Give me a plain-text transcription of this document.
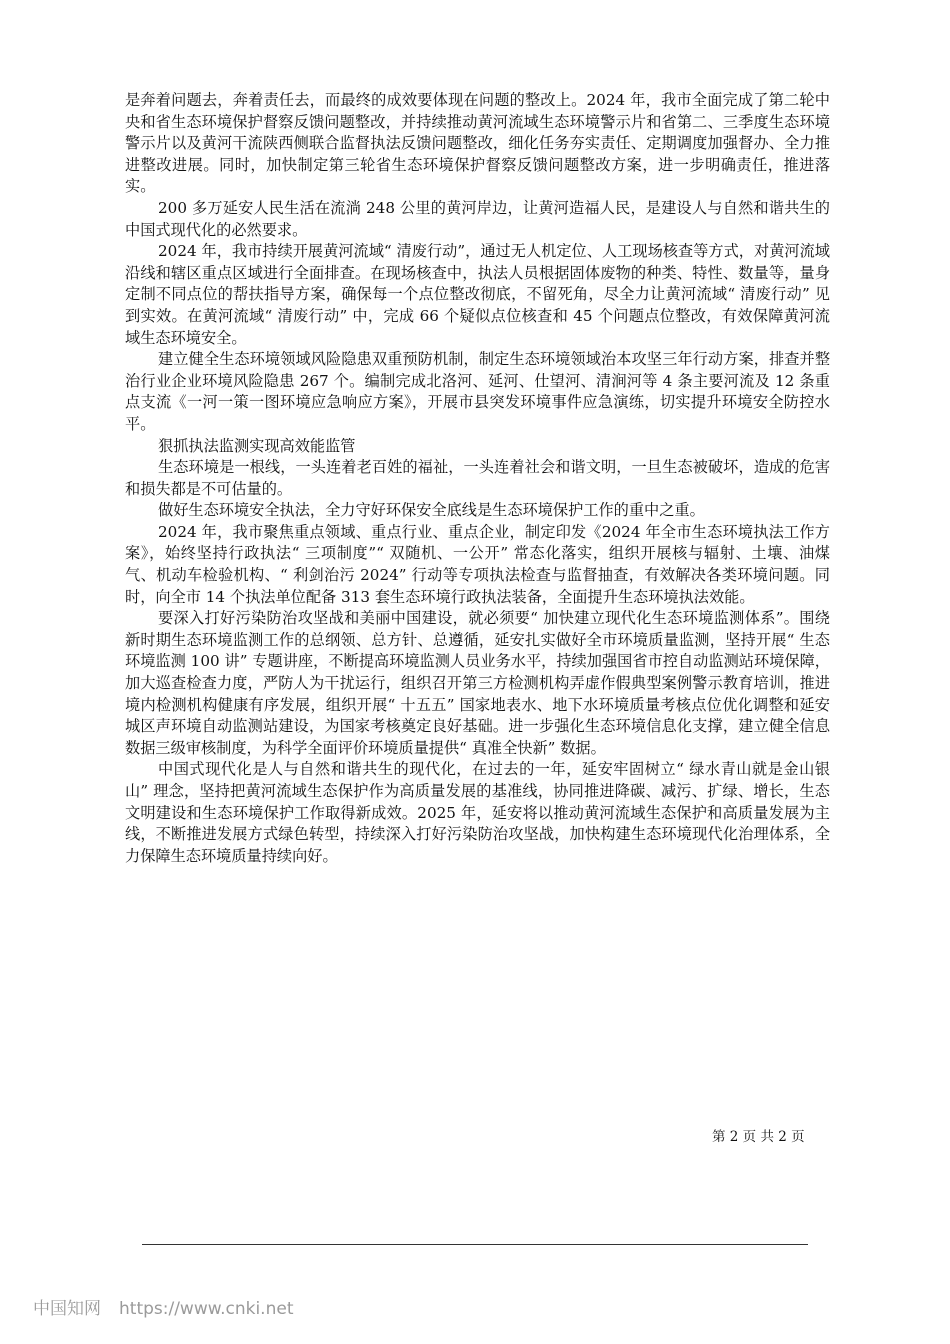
是奔着问题去，奔着责任去，而最终的成效要体现在问题的整改上。2024 年，我市全面完成了第二轮中央和省生态环境保护督察反馈问题整改，并持续推动黄河流域生态环境警示片和省第二、三季度生态环境警示片以及黄河干流陕西侧联合监督执法反馈问题整改，细化任务夯实责任、定期调度加强督办、全力推进整改进展。同时，加快制定第三轮省生态环境保护督察反馈问题整改方案，进一步明确责任，推进落实。

200 多万延安人民生活在流淌 248 公里的黄河岸边，让黄河造福人民，是建设人与自然和谐共生的中国式现代化的必然要求。

2024 年，我市持续开展黄河流域“ 清废行动”，通过无人机定位、人工现场核查等方式，对黄河流域沿线和辖区重点区域进行全面排查。在现场核查中，执法人员根据固体废物的种类、特性、数量等，量身定制不同点位的帮扶指导方案，确保每一个点位整改彻底，不留死角，尽全力让黄河流域“ 清废行动” 见到实效。在黄河流域“ 清废行动” 中，完成 66 个疑似点位核查和 45 个问题点位整改，有效保障黄河流域生态环境安全。

建立健全生态环境领域风险隐患双重预防机制，制定生态环境领域治本攻坚三年行动方案，排查并整治行业企业环境风险隐患 267 个。编制完成北洛河、延河、仕望河、清涧河等 4 条主要河流及 12 条重点支流《一河一策一图环境应急响应方案》，开展市县突发环境事件应急演练，切实提升环境安全防控水平。

狠抓执法监测实现高效能监管

生态环境是一根线，一头连着老百姓的福祉，一头连着社会和谐文明，一旦生态被破坏，造成的危害和损失都是不可估量的。

做好生态环境安全执法，全力守好环保安全底线是生态环境保护工作的重中之重。

2024 年，我市聚焦重点领域、重点行业、重点企业，制定印发《2024 年全市生态环境执法工作方案》，始终坚持行政执法“ 三项制度”“ 双随机、一公开” 常态化落实，组织开展核与辐射、土壤、油煤气、机动车检验机构、“ 利剑治污 2024” 行动等专项执法检查与监督抽查，有效解决各类环境问题。同时，向全市 14 个执法单位配备 313 套生态环境行政执法装备，全面提升生态环境执法效能。

要深入打好污染防治攻坚战和美丽中国建设，就必须要“ 加快建立现代化生态环境监测体系”。围绕新时期生态环境监测工作的总纲领、总方针、总遵循，延安扎实做好全市环境质量监测，坚持开展“ 生态环境监测 100 讲” 专题讲座，不断提高环境监测人员业务水平，持续加强国省市控自动监测站环境保障，加大巡查检查力度，严防人为干扰运行，组织召开第三方检测机构弄虚作假典型案例警示教育培训，推进境内检测机构健康有序发展，组织开展“ 十五五” 国家地表水、地下水环境质量考核点位优化调整和延安城区声环境自动监测站建设，为国家考核奠定良好基础。进一步强化生态环境信息化支撑，建立健全信息数据三级审核制度，为科学全面评价环境质量提供“ 真准全快新” 数据。

中国式现代化是人与自然和谐共生的现代化，在过去的一年，延安牢固树立“ 绿水青山就是金山银山” 理念，坚持把黄河流域生态保护作为高质量发展的基准线，协同推进降碳、减污、扩绿、增长，生态文明建设和生态环境保护工作取得新成效。2025 年，延安将以推动黄河流域生态保护和高质量发展为主线，不断推进发展方式绿色转型，持续深入打好污染防治攻坚战，加快构建生态环境现代化治理体系，全力保障生态环境质量持续向好。

第 2 页 共 2 页
中国知网 https://www.cnki.net
